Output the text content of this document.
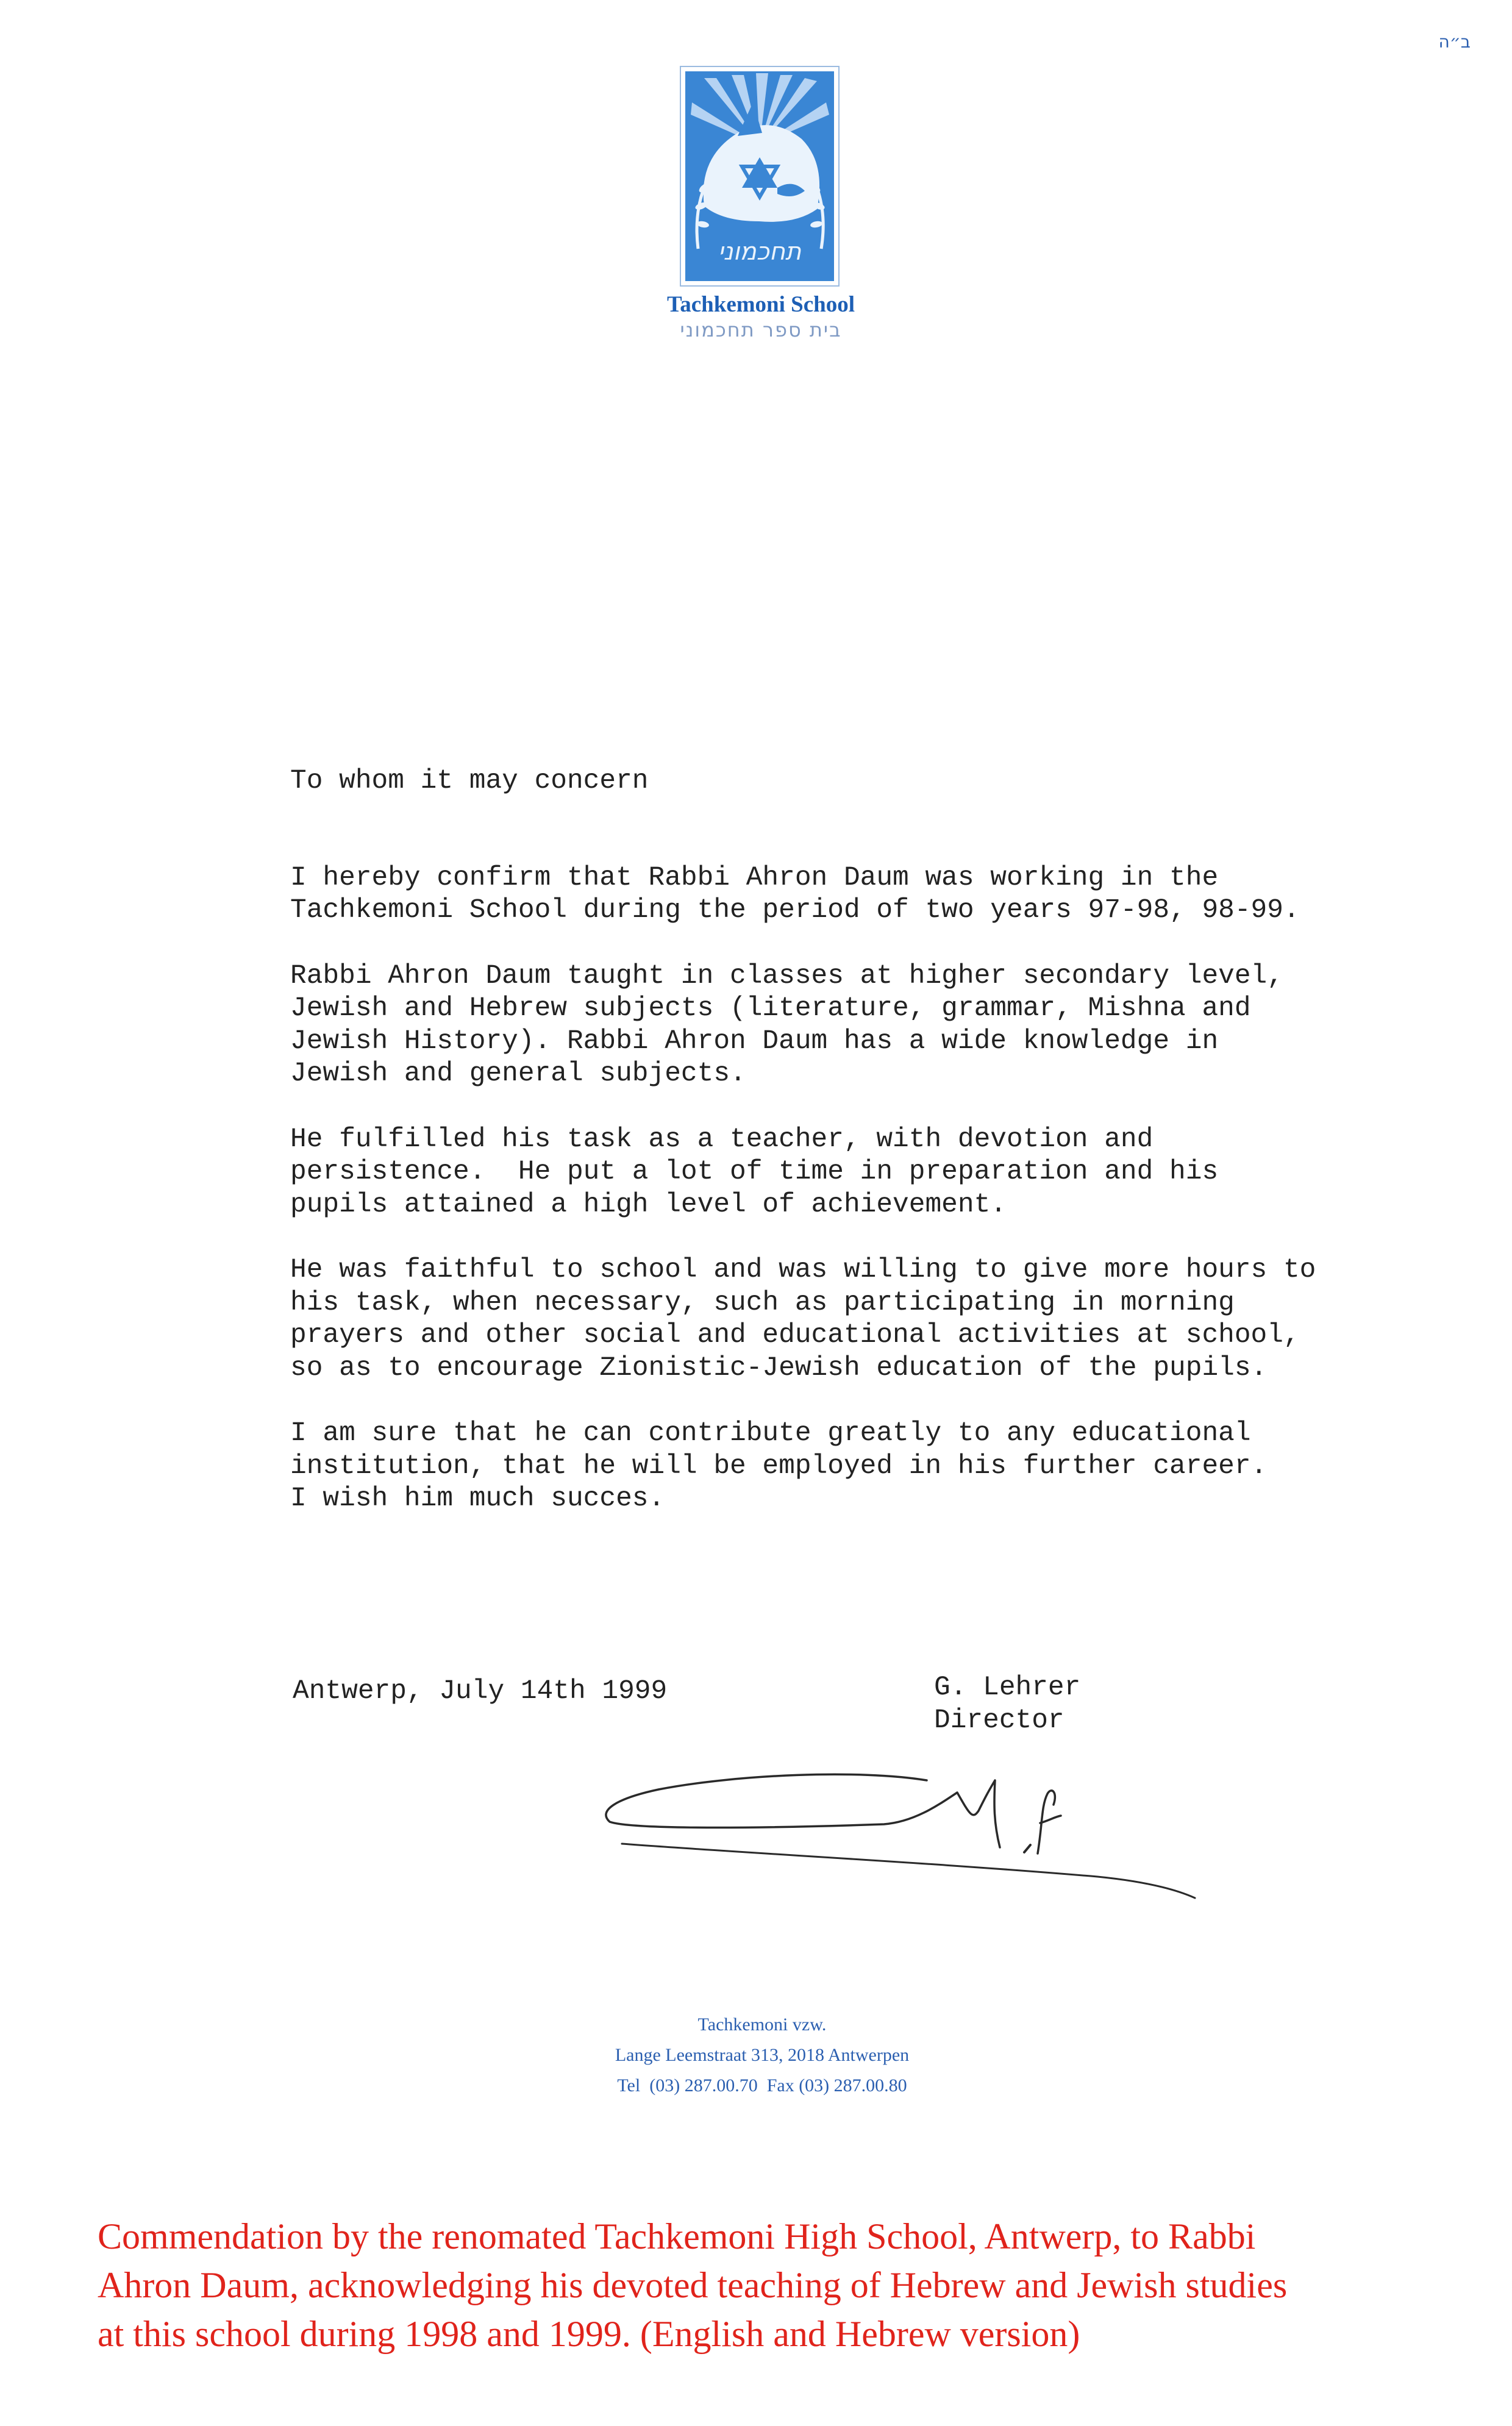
ב״ה
תחכמוני
Tachkemoni School
בית ספר תחכמוני

To whom it may concern

I hereby confirm that Rabbi Ahron Daum was working in the

Tachkemoni School during the period of two years 97-98, 98-99.

Rabbi Ahron Daum taught in classes at higher secondary level,

Jewish and Hebrew subjects (literature, grammar, Mishna and

Jewish History). Rabbi Ahron Daum has a wide knowledge in

Jewish and general subjects.

He fulfilled his task as a teacher, with devotion and

persistence.  He put a lot of time in preparation and his

pupils attained a high level of achievement.

He was faithful to school and was willing to give more hours to

his task, when necessary, such as participating in morning

prayers and other social and educational activities at school,

so as to encourage Zionistic-Jewish education of the pupils.

I am sure that he can contribute greatly to any educational

institution, that he will be employed in his further career.

I wish him much succes.

Antwerp, July 14th 1999	G. Lehrer
Director
Tachkemoni vzw.
Lange Leemstraat 313, 2018 Antwerpen
Tel  (03) 287.00.70  Fax (03) 287.00.80
Commendation by the renomated Tachkemoni High School, Antwerp, to Rabbi
Ahron Daum, acknowledging his devoted teaching of Hebrew and Jewish studies
at this school during 1998 and 1999. (English and Hebrew version)
